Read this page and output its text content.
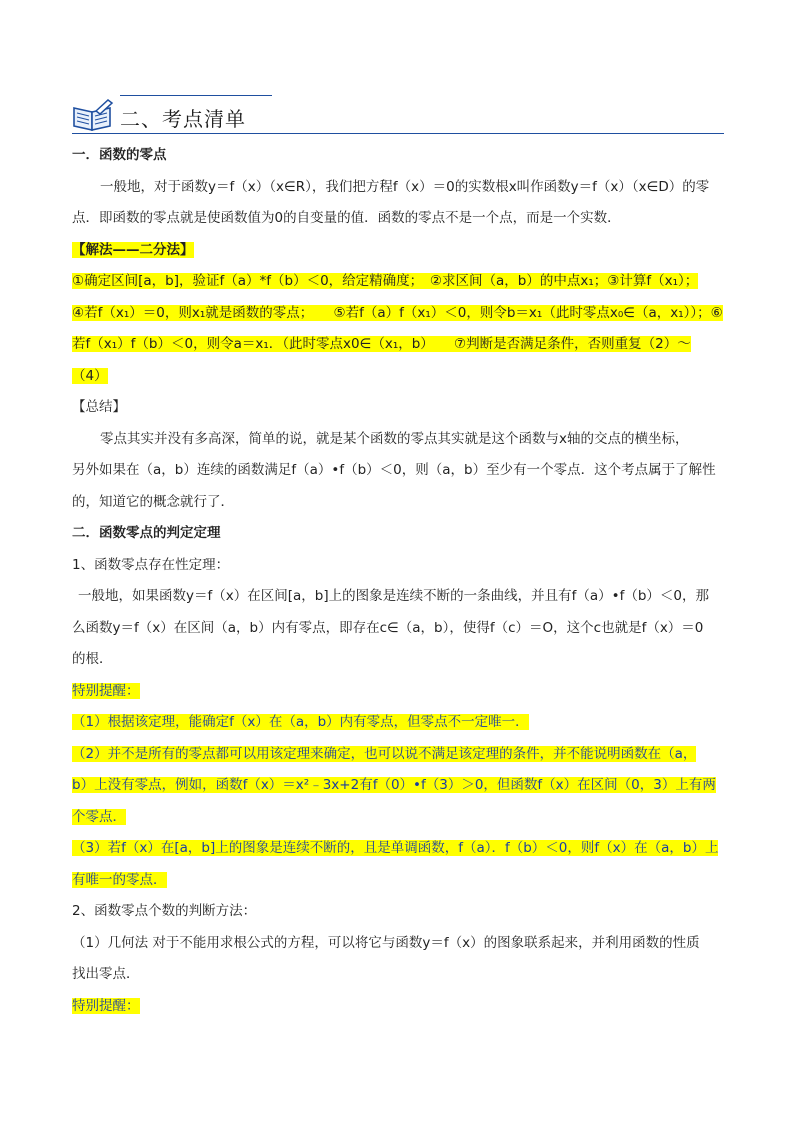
二、考点清单
一．函数的零点
一般地，对于函数y＝f（x）（x∈R），我们把方程f（x）＝0的实数根x叫作函数y＝f（x）（x∈D）的零
点．即函数的零点就是使函数值为0的自变量的值．函数的零点不是一个点，而是一个实数．
【解法——二分法】
①确定区间[a，b]，验证f（a）*f（b）＜0，给定精确度；　②求区间（a，b）的中点x₁；③计算f（x₁）；
④若f（x₁）＝0，则x₁就是函数的零点；　　⑤若f（a）f（x₁）＜0，则令b＝x₁（此时零点x₀∈（a，x₁））；⑥
若f（x₁）f（b）＜0，则令a＝x₁．（此时零点x0∈（x₁，b）　　⑦判断是否满足条件，否则重复（2）～
（4）
【总结】
零点其实并没有多高深，简单的说，就是某个函数的零点其实就是这个函数与x轴的交点的横坐标，
另外如果在（a，b）连续的函数满足f（a）•f（b）＜0，则（a，b）至少有一个零点．这个考点属于了解性
的，知道它的概念就行了．
二．函数零点的判定定理
1、函数零点存在性定理：
一般地，如果函数y＝f（x）在区间[a，b]上的图象是连续不断的一条曲线，并且有f（a）•f（b）＜0，那
么函数y＝f（x）在区间（a，b）内有零点，即存在c∈（a，b），使得f（c）＝O，这个c也就是f（x）＝0
的根．
特别提醒：
（1）根据该定理，能确定f（x）在（a，b）内有零点，但零点不一定唯一．
（2）并不是所有的零点都可以用该定理来确定，也可以说不满足该定理的条件，并不能说明函数在（a，
b）上没有零点，例如，函数f（x）＝x²﹣3x+2有f（0）•f（3）＞0，但函数f（x）在区间（0，3）上有两
个零点．
（3）若f（x）在[a，b]上的图象是连续不断的，且是单调函数，f（a）．f（b）＜0，则f（x）在（a，b）上
有唯一的零点．
2、函数零点个数的判断方法：
（1）几何法 对于不能用求根公式的方程，可以将它与函数y＝f（x）的图象联系起来，并利用函数的性质
找出零点．
特别提醒：
